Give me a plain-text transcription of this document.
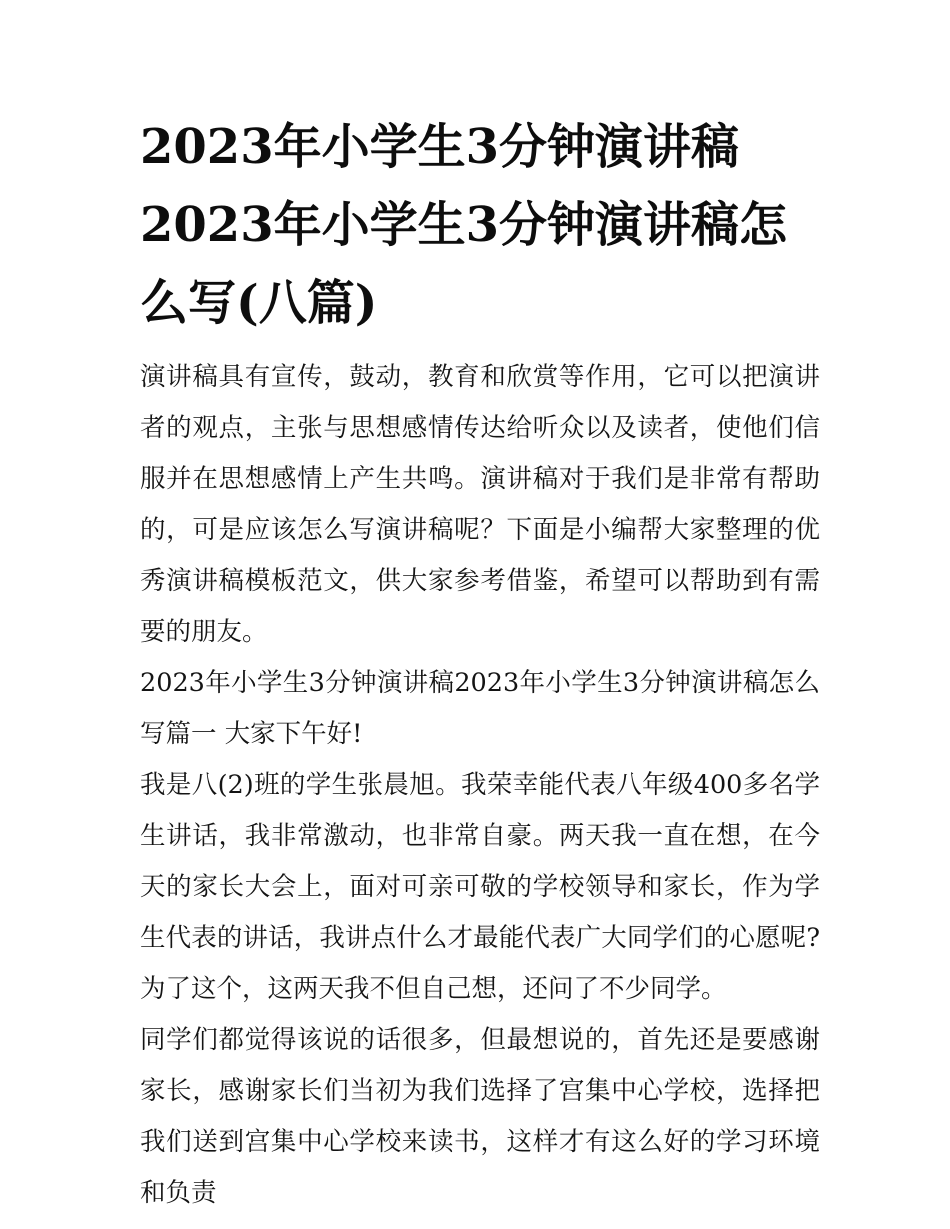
2023年小学生3分钟演讲稿2023年小学生3分钟演讲稿怎么写(八篇)

演讲稿具有宣传，鼓动，教育和欣赏等作用，它可以把演讲者的观点，主张与思想感情传达给听众以及读者，使他们信服并在思想感情上产生共鸣。演讲稿对于我们是非常有帮助的，可是应该怎么写演讲稿呢？下面是小编帮大家整理的优秀演讲稿模板范文，供大家参考借鉴，希望可以帮助到有需要的朋友。

2023年小学生3分钟演讲稿2023年小学生3分钟演讲稿怎么写篇一 大家下午好!

我是八(2)班的学生张晨旭。我荣幸能代表八年级400多名学生讲话，我非常激动，也非常自豪。两天我一直在想，在今天的家长大会上，面对可亲可敬的学校领导和家长，作为学生代表的讲话，我讲点什么才最能代表广大同学们的心愿呢?为了这个，这两天我不但自己想，还问了不少同学。

同学们都觉得该说的话很多，但最想说的，首先还是要感谢家长，感谢家长们当初为我们选择了宫集中心学校，选择把我们送到宫集中心学校来读书，这样才有这么好的学习环境和负责
